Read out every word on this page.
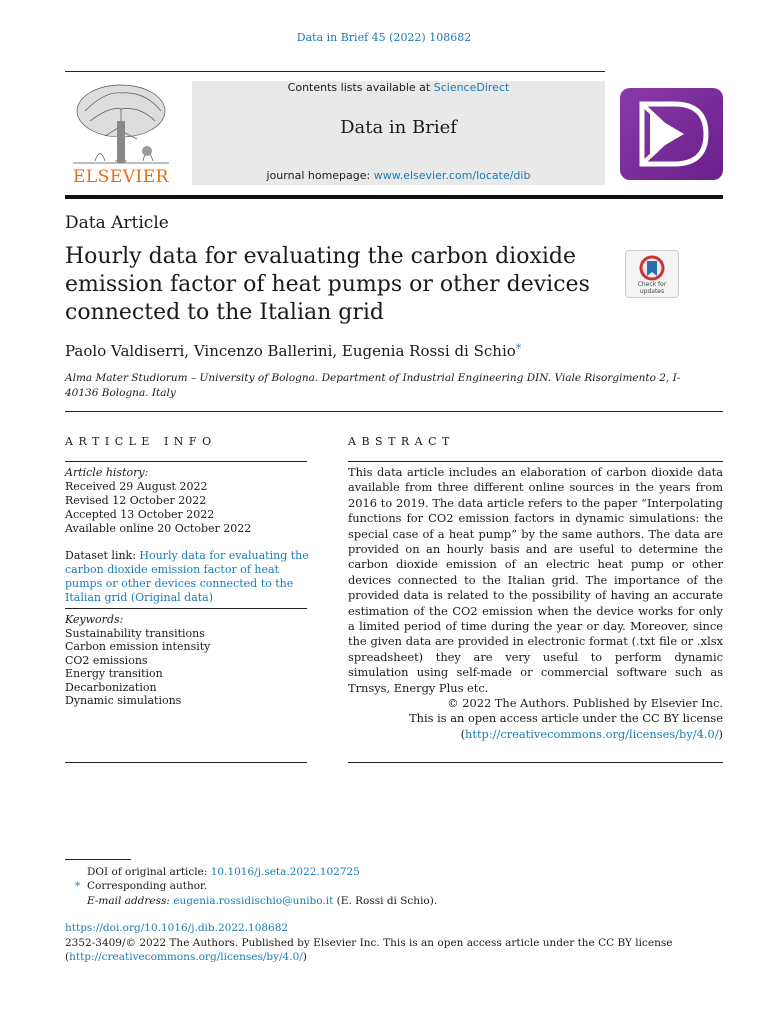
Data in Brief 45 (2022) 108682
ELSEVIER
Contents lists available at ScienceDirect
Data in Brief
journal homepage: www.elsevier.com/locate/dib
Data Article
Hourly data for evaluating the carbon dioxide emission factor of heat pumps or other devices connected to the Italian grid
Check for updates
Paolo Valdiserri, Vincenzo Ballerini, Eugenia Rossi di Schio*
Alma Mater Studiorum – University of Bologna. Department of Industrial Engineering DIN. Viale Risorgimento 2, I-40136 Bologna. Italy
ARTICLE INFO	ABSTRACT
Article history:
Received 29 August 2022
Revised 12 October 2022
Accepted 13 October 2022
Available online 20 October 2022
Dataset link: Hourly data for evaluating the carbon dioxide emission factor of heat pumps or other devices connected to the Italian grid (Original data)
Keywords:
Sustainability transitions
Carbon emission intensity
CO2 emissions
Energy transition
Decarbonization
Dynamic simulations
This data article includes an elaboration of carbon dioxide data available from three different online sources in the years from 2016 to 2019. The data article refers to the paper “Interpolating functions for CO2 emission factors in dynamic simulations: the special case of a heat pump” by the same authors. The data are provided on an hourly basis and are useful to determine the carbon dioxide emission of an electric heat pump or other devices connected to the Italian grid. The importance of the provided data is related to the possibility of having an accurate estimation of the CO2 emission when the device works for only a limited period of time during the year or day. Moreover, since the given data are provided in electronic format (.txt file or .xlsx spreadsheet) they are very useful to perform dynamic simulation using self-made or commercial software such as Trnsys, Energy Plus etc.
© 2022 The Authors. Published by Elsevier Inc.
This is an open access article under the CC BY license
(http://creativecommons.org/licenses/by/4.0/)
DOI of original article: 10.1016/j.seta.2022.102725
* Corresponding author.
E-mail address: eugenia.rossidischio@unibo.it (E. Rossi di Schio).
https://doi.org/10.1016/j.dib.2022.108682
2352-3409/© 2022 The Authors. Published by Elsevier Inc. This is an open access article under the CC BY license
(http://creativecommons.org/licenses/by/4.0/)
